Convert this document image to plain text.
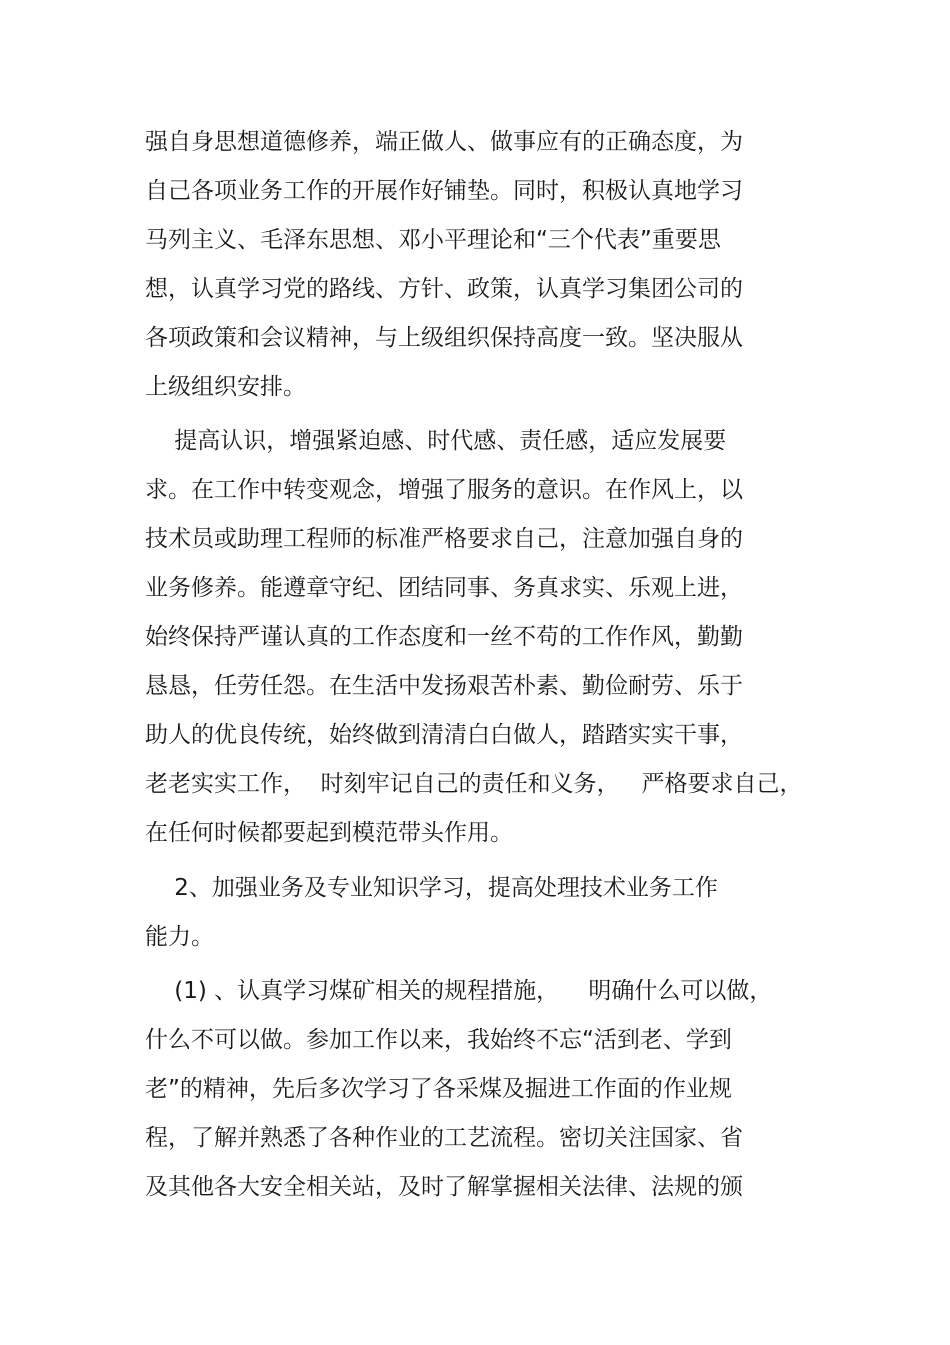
强自身思想道德修养，端正做人、做事应有的正确态度，为
自己各项业务工作的开展作好铺垫。同时，积极认真地学习
马列主义、毛泽东思想、邓小平理论和“三个代表”重要思
想，认真学习党的路线、方针、政策，认真学习集团公司的
各项政策和会议精神，与上级组织保持高度一致。坚决服从
上级组织安排。
提高认识，增强紧迫感、时代感、责任感，适应发展要
求。在工作中转变观念，增强了服务的意识。在作风上，以
技术员或助理工程师的标准严格要求自己，注意加强自身的
业务修养。能遵章守纪、团结同事、务真求实、乐观上进，
始终保持严谨认真的工作态度和一丝不苟的工作作风，勤勤
恳恳，任劳任怨。在生活中发扬艰苦朴素、勤俭耐劳、乐于
助人的优良传统，始终做到清清白白做人，踏踏实实干事，
老老实实工作，  时刻牢记自己的责任和义务，   严格要求自己，
在任何时候都要起到模范带头作用。
2、加强业务及专业知识学习，提高处理技术业务工作
能力。
(1) 、认真学习煤矿相关的规程措施，    明确什么可以做，
什么不可以做。参加工作以来，我始终不忘“活到老、学到
老”的精神，先后多次学习了各采煤及掘进工作面的作业规
程，了解并熟悉了各种作业的工艺流程。密切关注国家、省
及其他各大安全相关站，及时了解掌握相关法律、法规的颁
